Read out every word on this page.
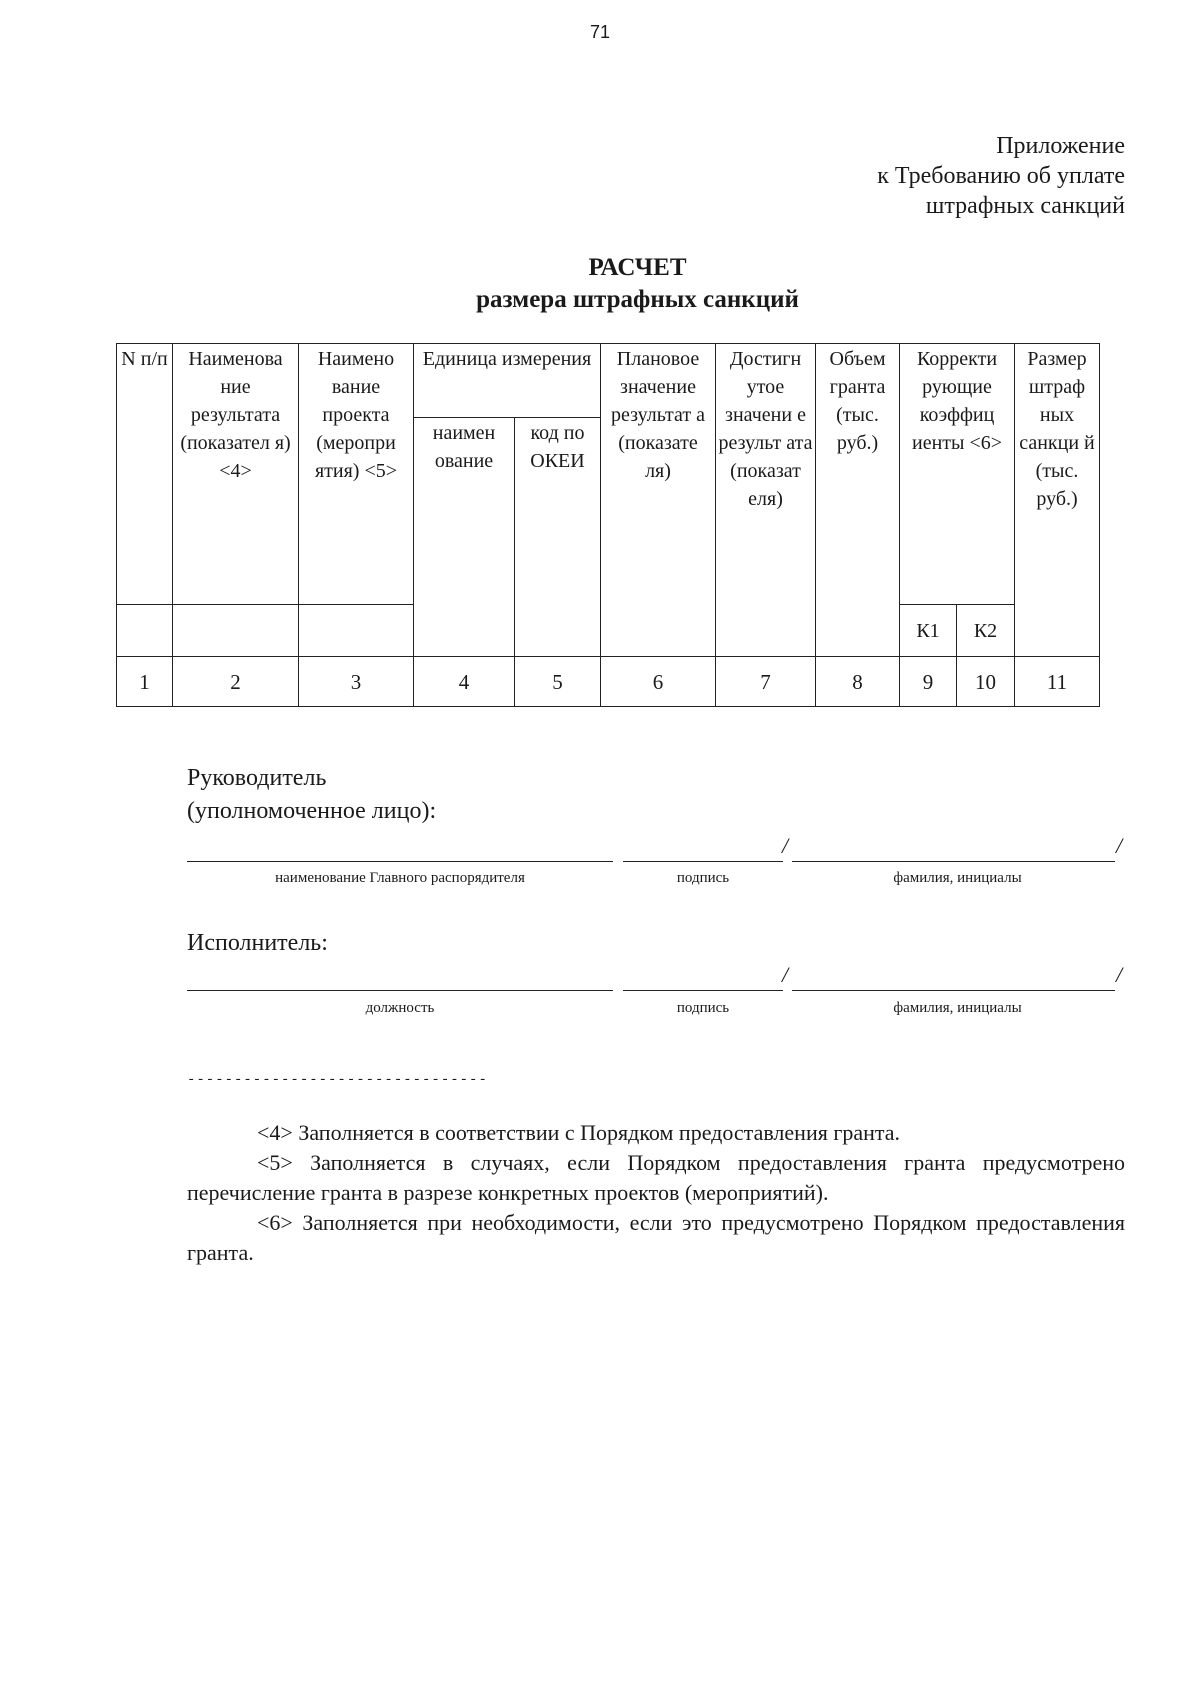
71
Приложение
к Требованию об уплате
штрафных санкций
РАСЧЕТ
размера штрафных санкций
N п/п	Наименова ние результата (показател я) <4>	Наимено вание проекта (меропри ятия) <5>	Единица измерения		Плановое значение результат а (показате ля)	Достигн утое значени е результ ата (показат еля)	Объем гранта (тыс. руб.)	Корректи рующие коэффиц иенты <6>		Размер штраф ных санкци й (тыс. руб.)
			наимен ование	код по ОКЕИ						
								К1	К2	
1	2	3	4	5	6	7	8	9	10	11
Руководитель
(уполномоченное лицо):
/	/
наименование Главного распорядителя	подпись	фамилия, инициалы
Исполнитель:
/	/
должность	подпись	фамилия, инициалы
--------------------------------

<4> Заполняется в соответствии с Порядком предоставления гранта.

<5> Заполняется в случаях, если Порядком предоставления гранта предусмотрено перечисление гранта в разрезе конкретных проектов (мероприятий).

<6> Заполняется при необходимости, если это предусмотрено Порядком предоставления гранта.
